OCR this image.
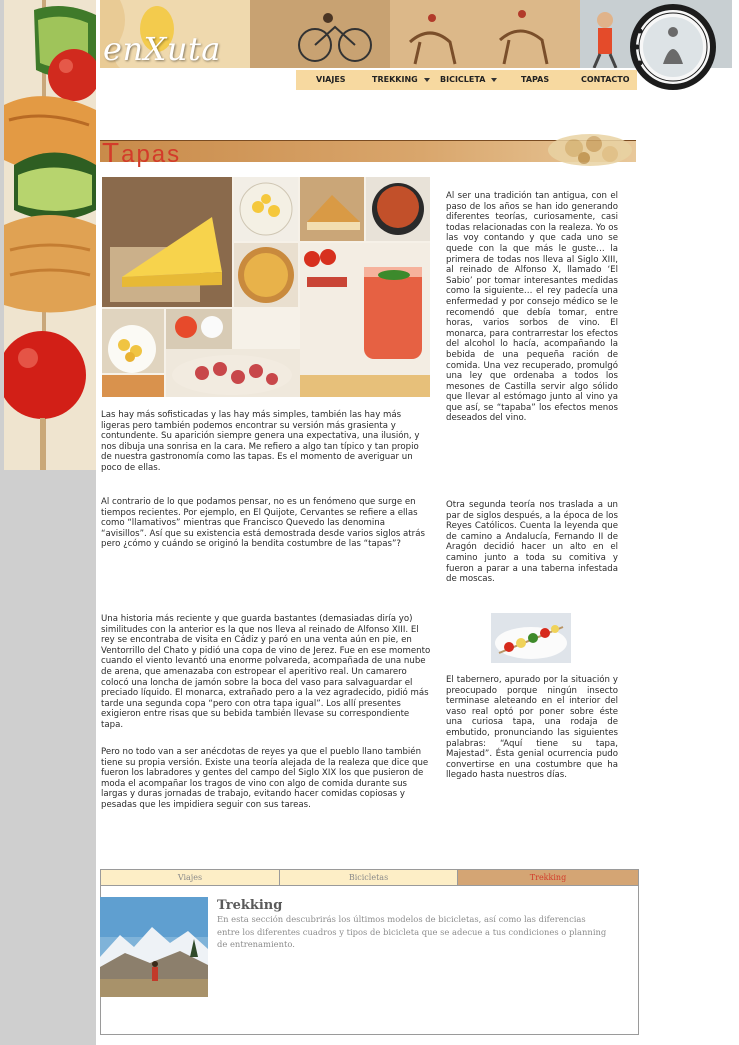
enXuta
VIAJES	TREKKING	BICICLETA	TAPAS	CONTACTO
Tapas
Las hay más sofisticadas y las hay más simples, también las hay más ligeras pero también podemos encontrar su versión más grasienta y contundente. Su aparición siempre genera una expectativa, una ilusión, y nos dibuja una sonrisa en la cara. Me refiero a algo tan típico y tan propio de nuestra gastronomía como las tapas. Es el momento de averiguar un poco de ellas.
Al contrario de lo que podamos pensar, no es un fenómeno que surge en tiempos recientes. Por ejemplo, en El Quijote, Cervantes se refiere a ellas como “llamativos” mientras que Francisco Quevedo las denomina “avisillos”. Así que su existencia está demostrada desde varios siglos atrás pero ¿cómo y cuándo se originó la bendita costumbre de las “tapas”?
Una historia más reciente y que guarda bastantes (demasiadas diría yo) similitudes con la anterior es la que nos lleva al reinado de Alfonso XIII. El rey se encontraba de visita en Cádiz y paró en una venta aún en pie, en Ventorrillo del Chato y pidió una copa de vino de Jerez. Fue en ese momento cuando el viento levantó una enorme polvareda, acompañada de una nube de arena, que amenazaba con estropear el aperitivo real. Un camarero colocó una loncha de jamón sobre la boca del vaso para salvaguardar el preciado líquido. El monarca, extrañado pero a la vez agradecido, pidió más tarde una segunda copa “pero con otra tapa igual”. Los allí presentes exigieron entre risas que su bebida también llevase su correspondiente tapa.
Pero no todo van a ser anécdotas de reyes ya que el pueblo llano también tiene su propia versión. Existe una teoría alejada de la realeza que dice que fueron los labradores y gentes del campo del Siglo XIX los que pusieron de moda el acompañar los tragos de vino con algo de comida durante sus largas y duras jornadas de trabajo, evitando hacer comidas copiosas y pesadas que les impidiera seguir con sus tareas.
Al ser una tradición tan antigua, con el paso de los años se han ido generando diferentes teorías, curiosamente, casi todas relacionadas con la realeza. Yo os las voy contando y que cada uno se quede con la que más le guste… la primera de todas nos lleva al Siglo XIII, al reinado de Alfonso X, llamado ‘El Sabio’ por tomar interesantes medidas como la siguiente… el rey padecía una enfermedad y por consejo médico se le recomendó que debía tomar, entre horas, varios sorbos de vino. El monarca, para contrarrestar los efectos del alcohol lo hacía, acompañando la bebida de una pequeña ración de comida. Una vez recuperado, promulgó una ley que ordenaba a todos los mesones de Castilla servir algo sólido que llevar al estómago junto al vino ya que así, se “tapaba” los efectos menos deseados del vino.
Otra segunda teoría nos traslada a un par de siglos después, a la época de los Reyes Católicos. Cuenta la leyenda que de camino a Andalucía, Fernando II de Aragón decidió hacer un alto en el camino junto a toda su comitiva y fueron a parar a una taberna infestada de moscas.
El tabernero, apurado por la situación y preocupado porque ningún insecto terminase aleteando en el interior del vaso real optó por poner sobre éste una curiosa tapa, una rodaja de embutido, pronunciando las siguientes palabras: “Aquí tiene su tapa, Majestad”. Ésta genial ocurrencia pudo convertirse en una costumbre que ha llegado hasta nuestros días.
Viajes	Bicicletas	Trekking
Trekking
En esta sección descubrirás los últimos modelos de bicicletas, así como las diferencias entre los diferentes cuadros y tipos de bicicleta que se adecue a tus condiciones o planning de entrenamiento.
